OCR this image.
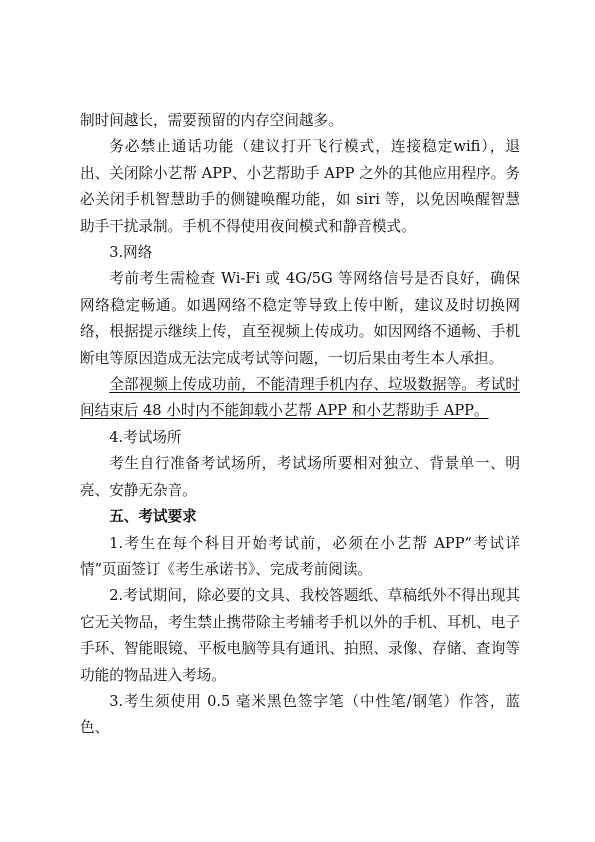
制时间越长，需要预留的内存空间越多。

务必禁止通话功能（建议打开飞行模式，连接稳定wifi），退出、关闭除小艺帮 APP、小艺帮助手 APP 之外的其他应用程序。务必关闭手机智慧助手的侧键唤醒功能，如 siri 等，以免因唤醒智慧助手干扰录制。手机不得使用夜间模式和静音模式。

3.网络

考前考生需检查 Wi-Fi 或 4G/5G 等网络信号是否良好，确保网络稳定畅通。如遇网络不稳定等导致上传中断，建议及时切换网络，根据提示继续上传，直至视频上传成功。如因网络不通畅、手机断电等原因造成无法完成考试等问题，一切后果由考生本人承担。

全部视频上传成功前，不能清理手机内存、垃圾数据等。考试时间结束后 48 小时内不能卸载小艺帮 APP 和小艺帮助手 APP。

4.考试场所

考生自行准备考试场所，考试场所要相对独立、背景单一、明亮、安静无杂音。

五、考试要求

1.考生在每个科目开始考试前，必须在小艺帮 APP“考试详情”页面签订《考生承诺书》、完成考前阅读。

2.考试期间，除必要的文具、我校答题纸、草稿纸外不得出现其它无关物品，考生禁止携带除主考辅考手机以外的手机、耳机、电子手环、智能眼镜、平板电脑等具有通讯、拍照、录像、存储、查询等功能的物品进入考场。

3.考生须使用 0.5 毫米黑色签字笔（中性笔/钢笔）作答，蓝色、
